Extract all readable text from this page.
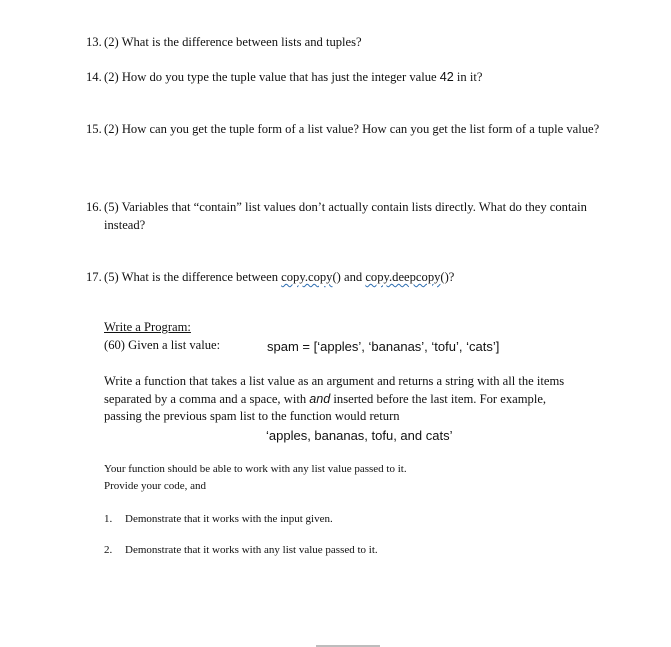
13. (2) What is the difference between lists and tuples?
14. (2) How do you type the tuple value that has just the integer value 42 in it?
15. (2) How can you get the tuple form of a list value? How can you get the list form of a tuple value?
16. (5) Variables that “contain” list values don’t actually contain lists directly. What do they contain instead?
17. (5) What is the difference between copy.copy() and copy.deepcopy()?
Write a Program:
(60) Given a list value:	spam = [‘apples’, ‘bananas’, ‘tofu’, ‘cats’]
Write a function that takes a list value as an argument and returns a string with all the items separated by a comma and a space, with and inserted before the last item. For example, passing the previous spam list to the function would return
‘apples, bananas, tofu, and cats’
Your function should be able to work with any list value passed to it.
Provide your code, and
1. Demonstrate that it works with the input given.
2. Demonstrate that it works with any list value passed to it.
